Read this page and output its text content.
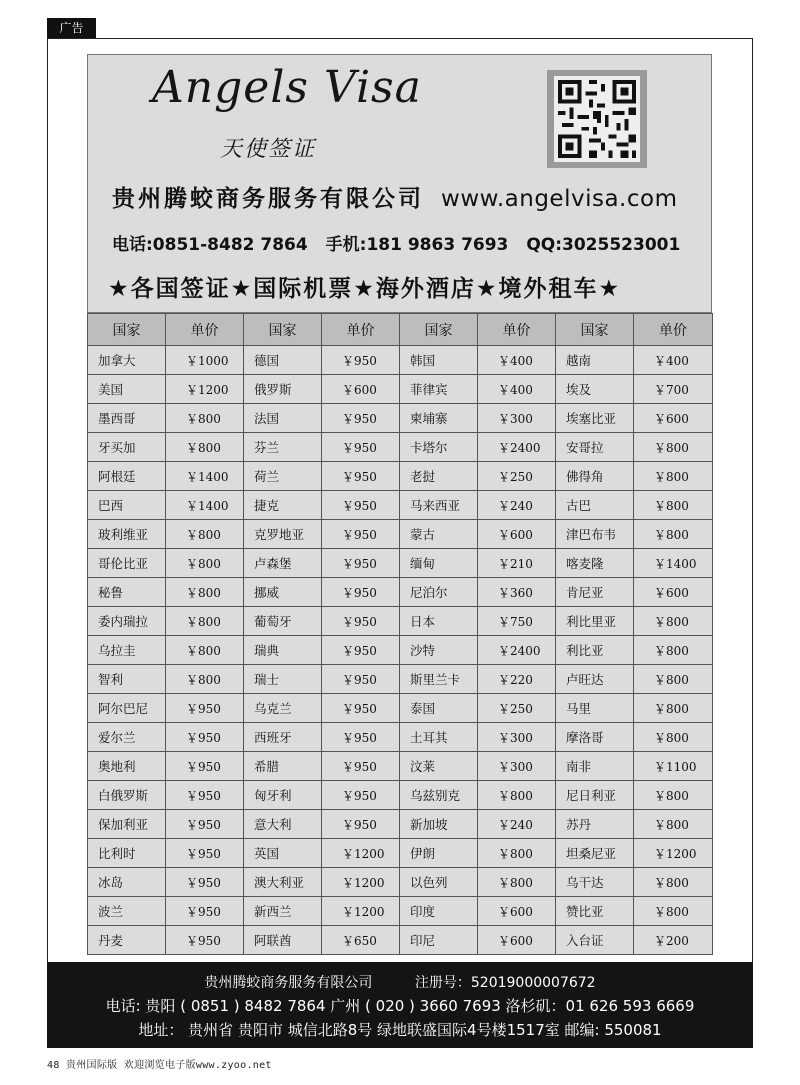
广告
Angels Visa
天使签证
贵州腾蛟商务服务有限公司 www.angelvisa.com
电话:0851-8482 7864 手机:181 9863 7693 QQ:3025523001
★各国签证★国际机票★海外酒店★境外租车★
国家	单价	国家	单价	国家	单价	国家	单价
加拿大	￥1000	德国	￥950	韩国	￥400	越南	￥400
美国	￥1200	俄罗斯	￥600	菲律宾	￥400	埃及	￥700
墨西哥	￥800	法国	￥950	柬埔寨	￥300	埃塞比亚	￥600
牙买加	￥800	芬兰	￥950	卡塔尔	￥2400	安哥拉	￥800
阿根廷	￥1400	荷兰	￥950	老挝	￥250	佛得角	￥800
巴西	￥1400	捷克	￥950	马来西亚	￥240	古巴	￥800
玻利维亚	￥800	克罗地亚	￥950	蒙古	￥600	津巴布韦	￥800
哥伦比亚	￥800	卢森堡	￥950	缅甸	￥210	喀麦隆	￥1400
秘鲁	￥800	挪威	￥950	尼泊尔	￥360	肯尼亚	￥600
委内瑞拉	￥800	葡萄牙	￥950	日本	￥750	利比里亚	￥800
乌拉圭	￥800	瑞典	￥950	沙特	￥2400	利比亚	￥800
智利	￥800	瑞士	￥950	斯里兰卡	￥220	卢旺达	￥800
阿尔巴尼	￥950	乌克兰	￥950	泰国	￥250	马里	￥800
爱尔兰	￥950	西班牙	￥950	土耳其	￥300	摩洛哥	￥800
奥地利	￥950	希腊	￥950	汶莱	￥300	南非	￥1100
白俄罗斯	￥950	匈牙利	￥950	乌兹别克	￥800	尼日利亚	￥800
保加利亚	￥950	意大利	￥950	新加坡	￥240	苏丹	￥800
比利时	￥950	英国	￥1200	伊朗	￥800	坦桑尼亚	￥1200
冰岛	￥950	澳大利亚	￥1200	以色列	￥800	乌干达	￥800
波兰	￥950	新西兰	￥1200	印度	￥600	赞比亚	￥800
丹麦	￥950	阿联酋	￥650	印尼	￥600	入台证	￥200
贵州腾蛟商务服务有限公司	注册号：52019000007672
电话: 贵阳 ( 0851 ) 8482 7864 广州 ( 020 ) 3660 7693 洛杉矶：01 626 593 6669
地址： 贵州省 贵阳市 城信北路8号 绿地联盛国际4号楼1517室 邮编: 550081
48 贵州国际版 欢迎浏览电子版www.zyoo.net
